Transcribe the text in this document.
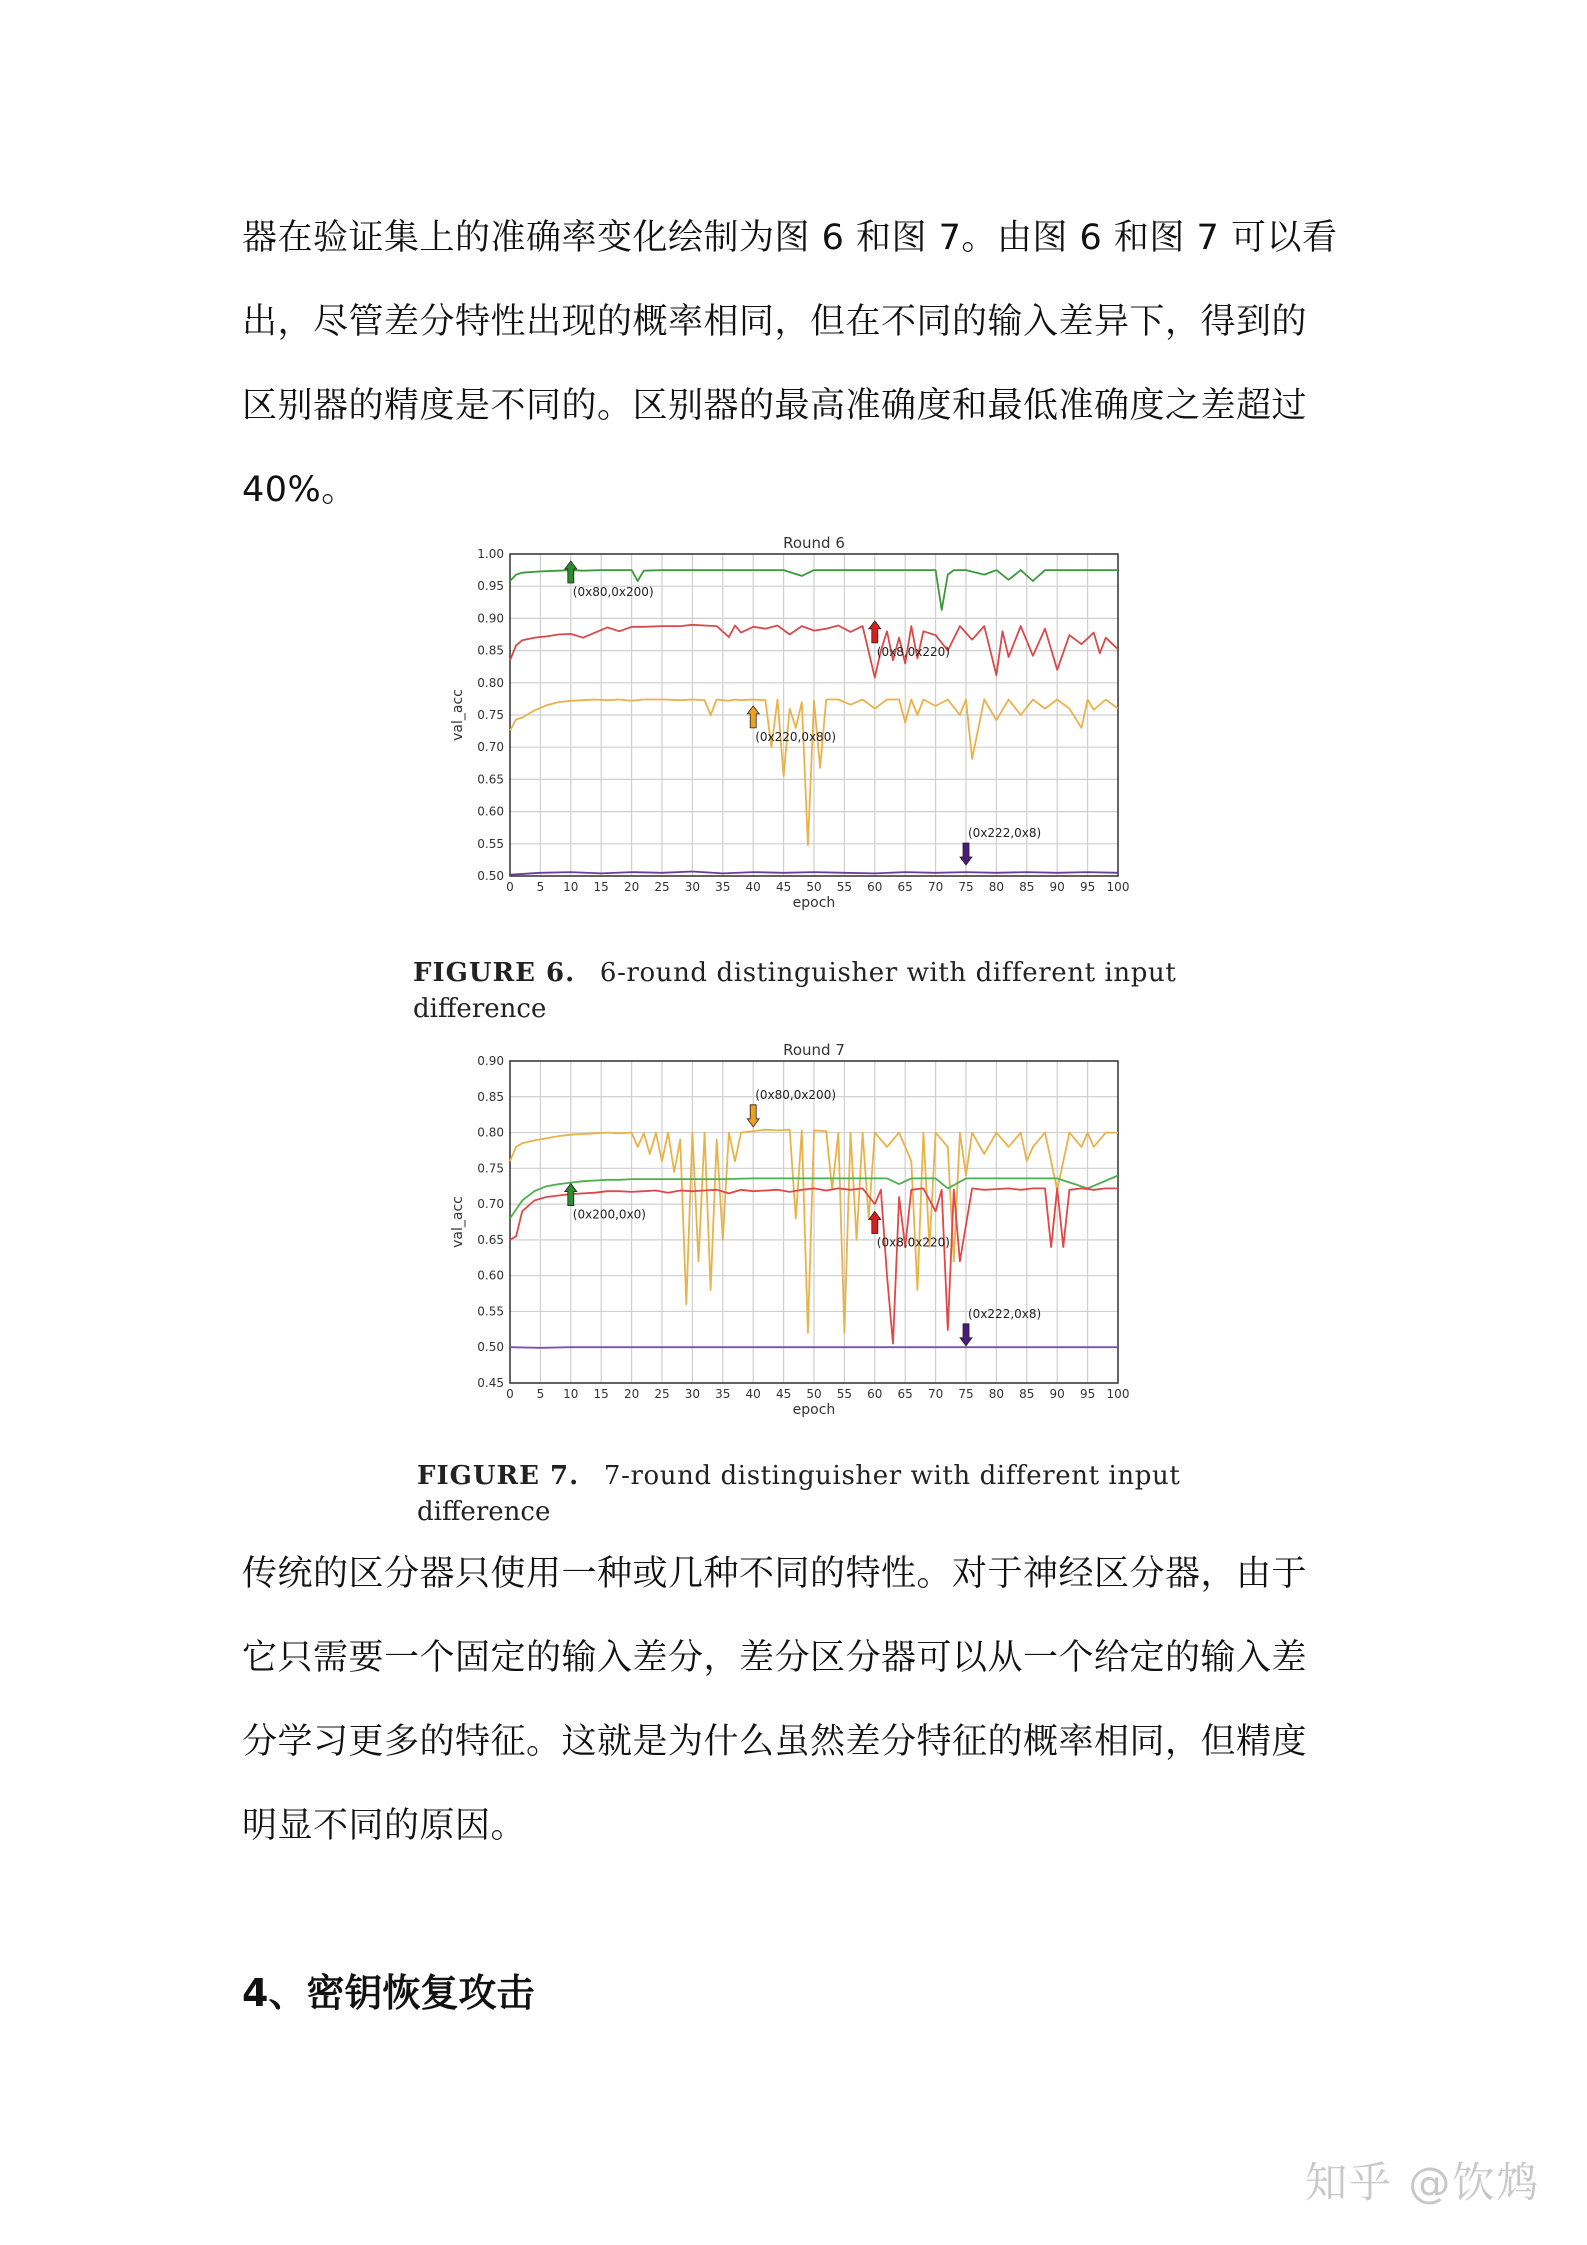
器在验证集上的准确率变化绘制为图 6 和图 7。由图 6 和图 7 可以看
出，尽管差分特性出现的概率相同，但在不同的输入差异下，得到的
区别器的精度是不同的。区别器的最高准确度和最低准确度之差超过
40%。

0 5 10 15 20 25 30 35 40 45 50 55 60 65 70 75 80 85 90 95 100
0.50
0.55
0.60
0.65
0.70
0.75
0.80
0.85
0.90
0.95
1.00
Round 6
epoch
val_acc
(0x80,0x200)
(0x8,0x220)
(0x220,0x80)
(0x222,0x8)
FIGURE 6. 6-round distinguisher with different input
difference
0 5 10 15 20 25 30 35 40 45 50 55 60 65 70 75 80 85 90 95 100
0.45
0.50
0.55
0.60
0.65
0.70
0.75
0.80
0.85
0.90
Round 7
epoch
val_acc
(0x80,0x200)
(0x200,0x0)
(0x8,0x220)
(0x222,0x8)
FIGURE 7. 7-round distinguisher with different input
difference

传统的区分器只使用一种或几种不同的特性。对于神经区分器，由于
它只需要一个固定的输入差分，差分区分器可以从一个给定的输入差
分学习更多的特征。这就是为什么虽然差分特征的概率相同，但精度
明显不同的原因。

4、密钥恢复攻击
知乎 @饮鸩
